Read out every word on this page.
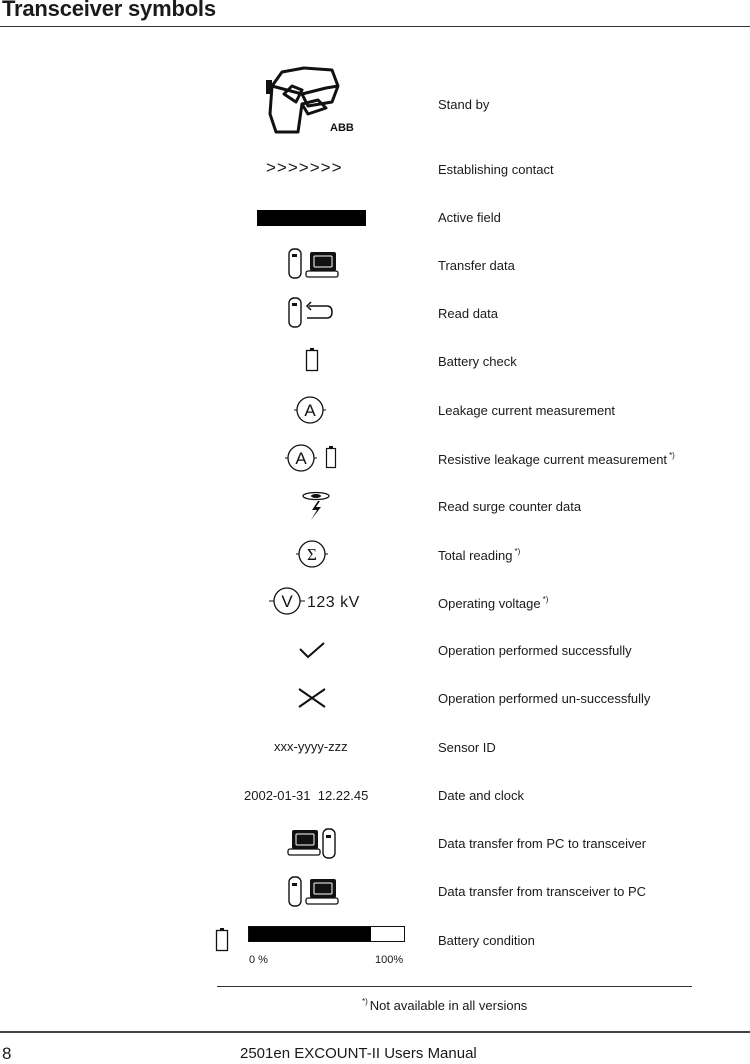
Transceiver symbols
ABB
Stand by
>>>>>>>	Establishing contact
Active field
Transfer data
Read data
Battery check
A	Leakage current measurement
A	Resistive leakage current measurement *)
Read surge counter data
Σ	Total reading *)
V 123 kV	Operating voltage *)
Operation performed successfully
Operation performed un-successfully
xxx-yyyy-zzz	Sensor ID
2002-01-31  12.22.45	Date and clock
Data transfer from PC to transceiver
Data transfer from transceiver to PC
0 %	100%
Battery condition
*) Not available in all versions
8	2501en EXCOUNT-II Users Manual
